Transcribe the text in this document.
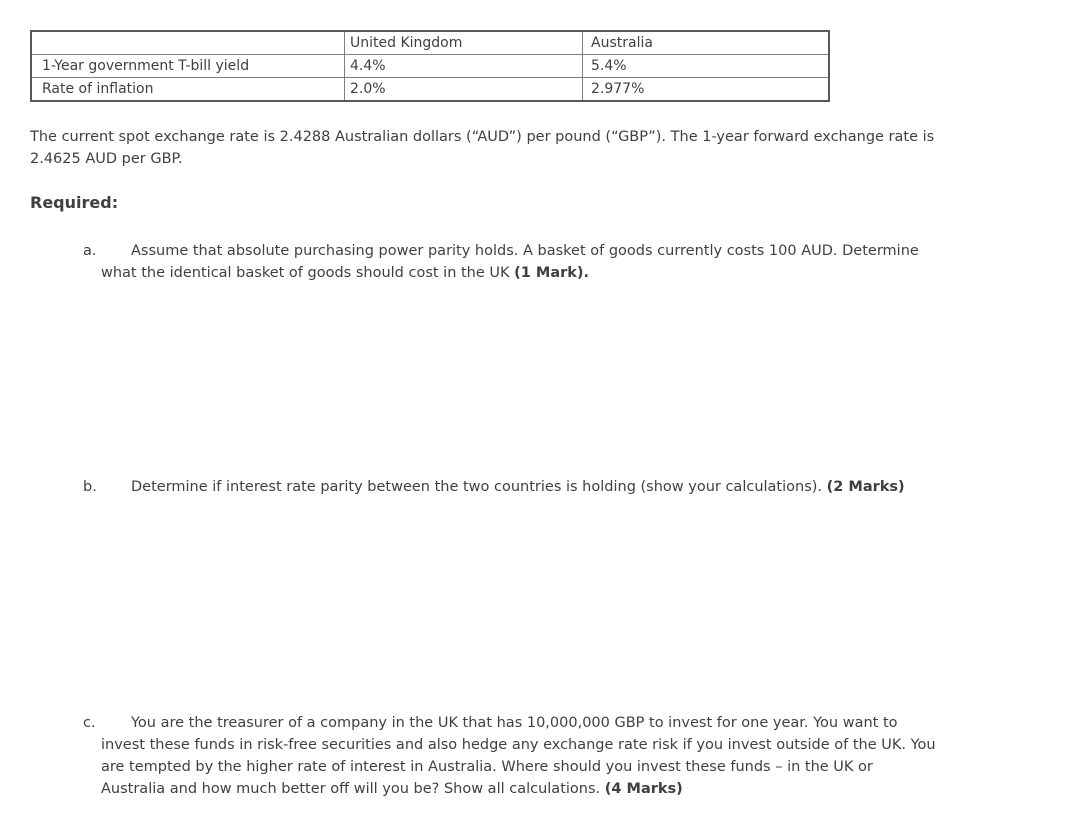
	United Kingdom	Australia
1-Year government T-bill yield	4.4%	5.4%
Rate of inflation	2.0%	2.977%

The current spot exchange rate is 2.4288 Australian dollars (“AUD”) per pound (“GBP”). The 1-year forward exchange rate is 2.4625 AUD per GBP.

Required:

a.	Assume that absolute purchasing power parity holds. A basket of goods currently costs 100 AUD. Determine what the identical basket of goods should cost in the UK (1 Mark).
b. Determine if interest rate parity between the two countries is holding (show your calculations). (2 Marks)
c.	You are the treasurer of a company in the UK that has 10,000,000 GBP to invest for one year. You want to invest these funds in risk-free securities and also hedge any exchange rate risk if you invest outside of the UK. You are tempted by the higher rate of interest in Australia. Where should you invest these funds – in the UK or Australia and how much better off will you be? Show all calculations. (4 Marks)
